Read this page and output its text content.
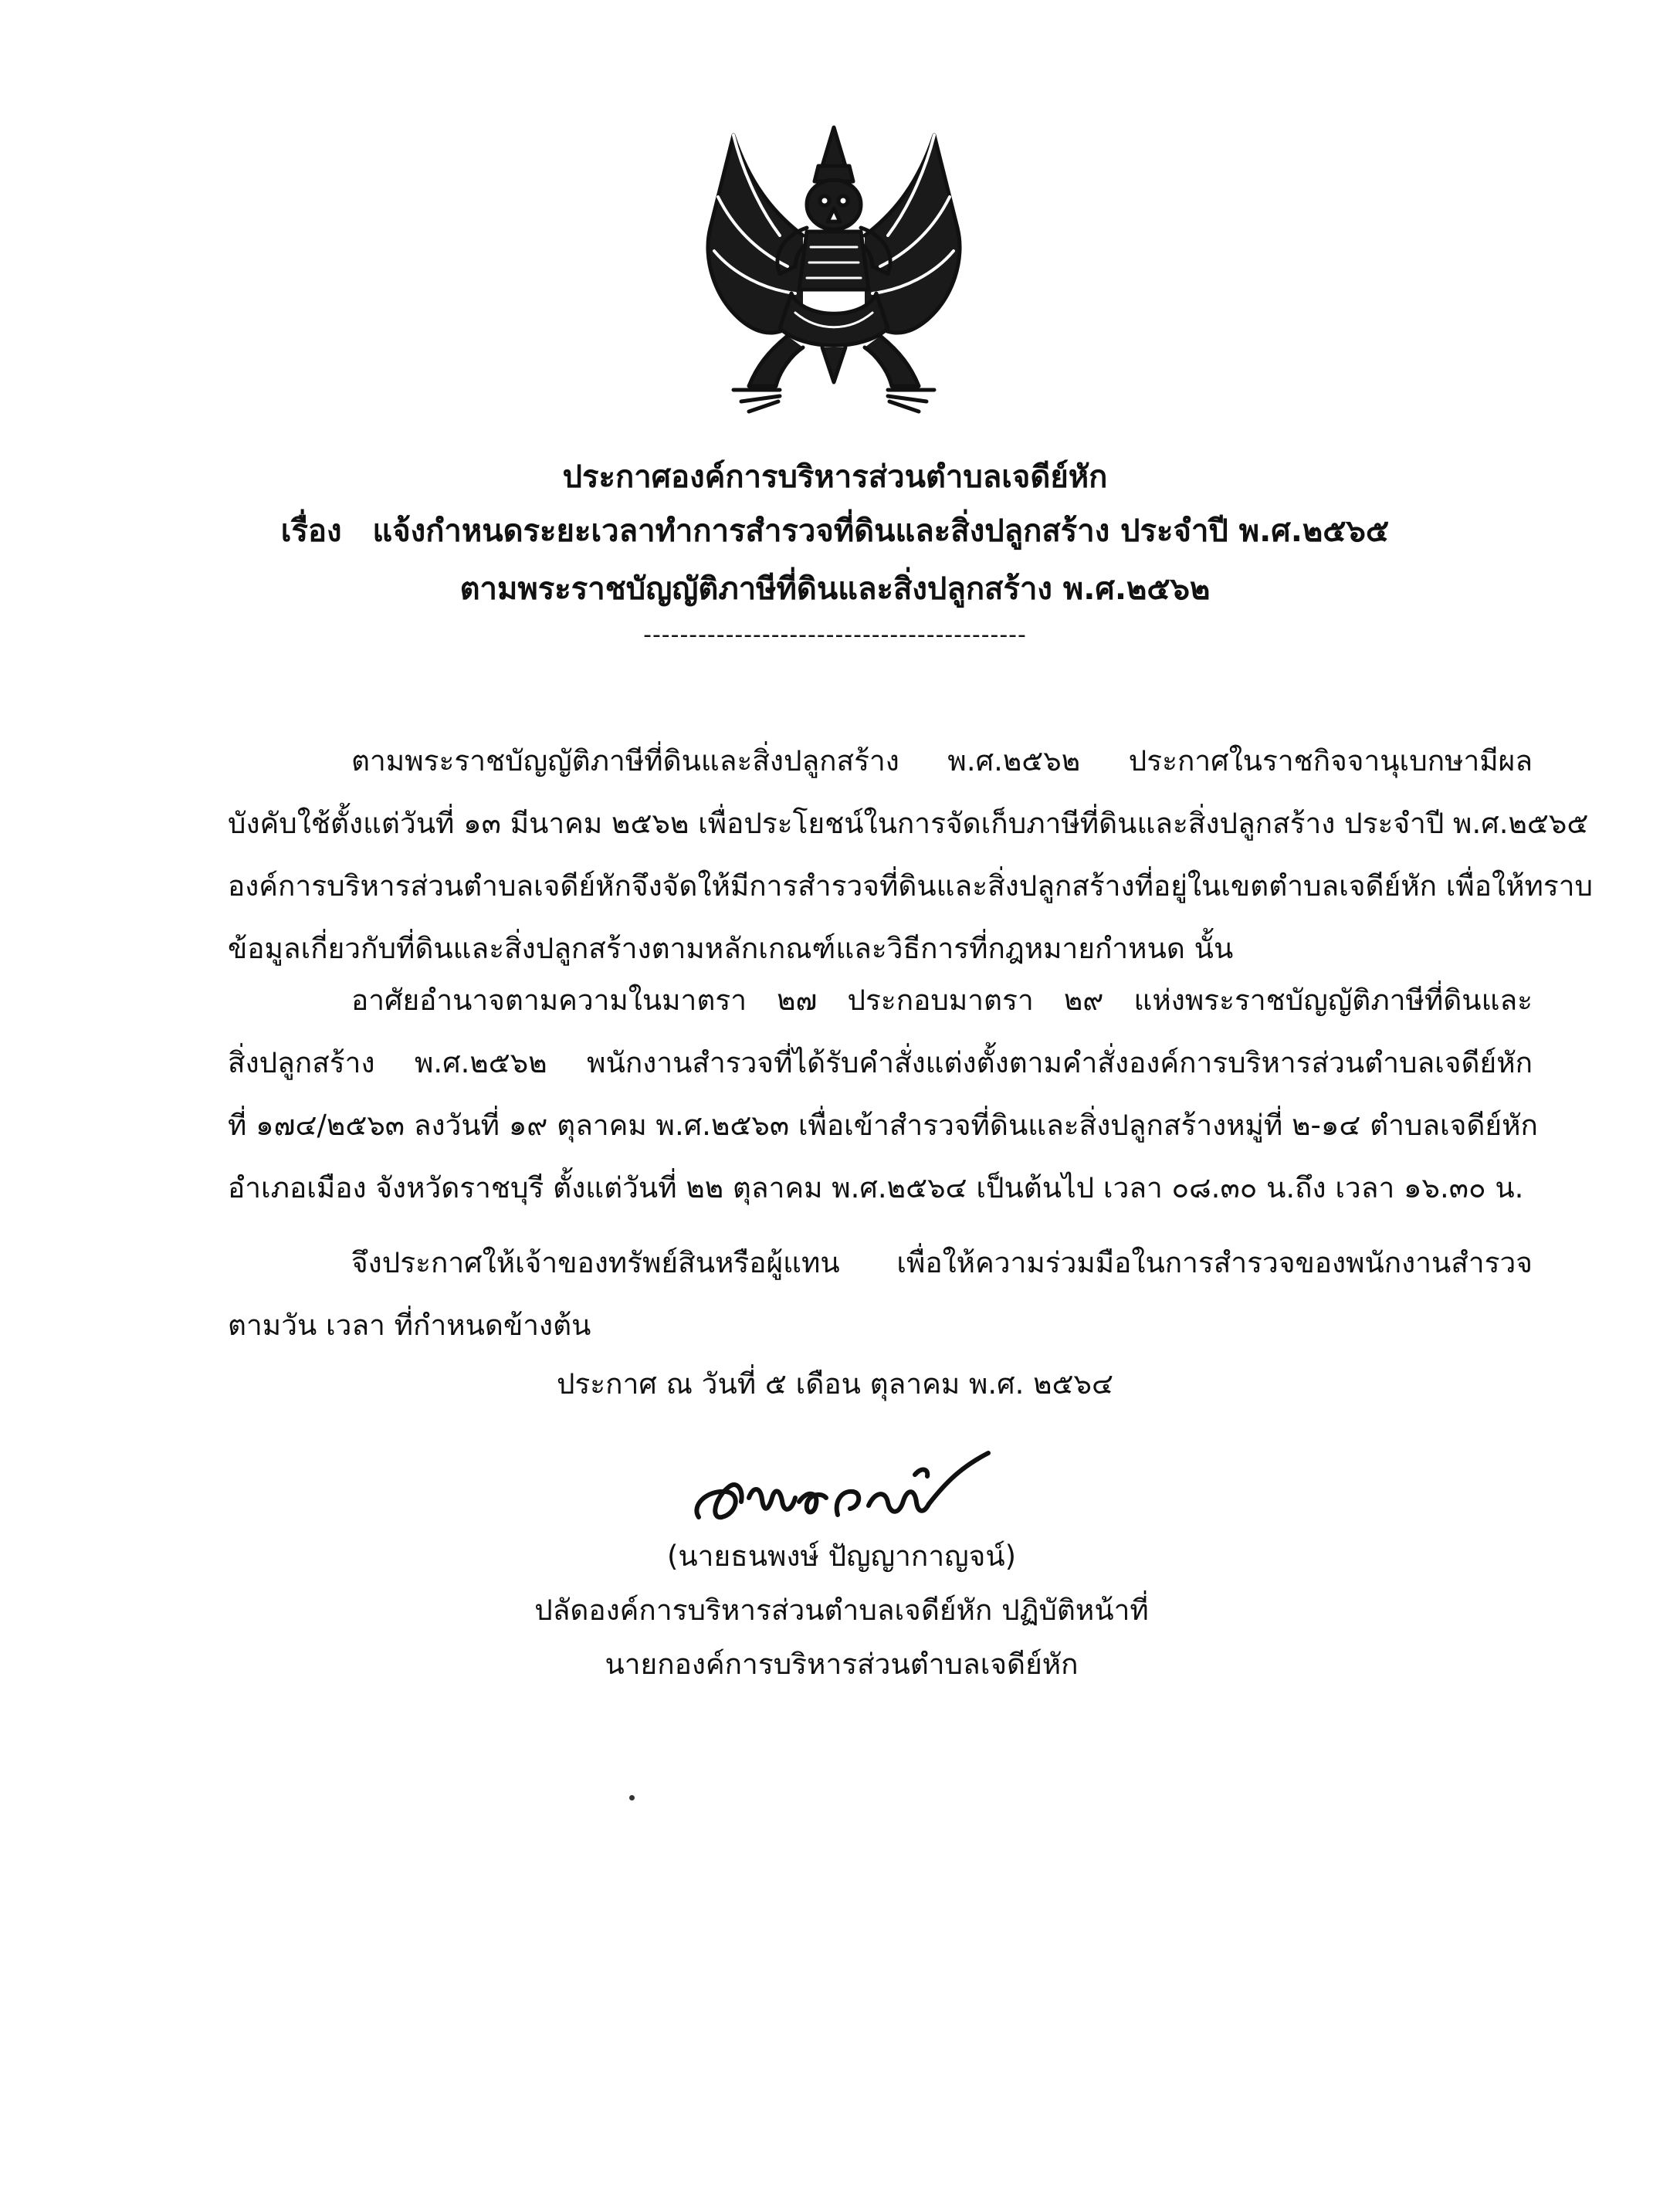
ประกาศองค์การบริหารส่วนตำบลเจดีย์หัก
เรื่อง แจ้งกำหนดระยะเวลาทำการสำรวจที่ดินและสิ่งปลูกสร้าง ประจำปี พ.ศ.๒๕๖๕
ตามพระราชบัญญัติภาษีที่ดินและสิ่งปลูกสร้าง พ.ศ.๒๕๖๒
------------------------------------------
ตามพระราชบัญญัติภาษีที่ดินและสิ่งปลูกสร้าง พ.ศ.๒๕๖๒ ประกาศในราชกิจจานุเบกษามีผล
บังคับใช้ตั้งแต่วันที่ ๑๓ มีนาคม ๒๕๖๒ เพื่อประโยชน์ในการจัดเก็บภาษีที่ดินและสิ่งปลูกสร้าง ประจำปี พ.ศ.๒๕๖๕
องค์การบริหารส่วนตำบลเจดีย์หักจึงจัดให้มีการสำรวจที่ดินและสิ่งปลูกสร้างที่อยู่ในเขตตำบลเจดีย์หัก เพื่อให้ทราบ
ข้อมูลเกี่ยวกับที่ดินและสิ่งปลูกสร้างตามหลักเกณฑ์และวิธีการที่กฎหมายกำหนด นั้น
อาศัยอำนาจตามความในมาตรา ๒๗ ประกอบมาตรา ๒๙ แห่งพระราชบัญญัติภาษีที่ดินและ
สิ่งปลูกสร้าง พ.ศ.๒๕๖๒ พนักงานสำรวจที่ได้รับคำสั่งแต่งตั้งตามคำสั่งองค์การบริหารส่วนตำบลเจดีย์หัก
ที่ ๑๗๔/๒๕๖๓ ลงวันที่ ๑๙ ตุลาคม พ.ศ.๒๕๖๓ เพื่อเข้าสำรวจที่ดินและสิ่งปลูกสร้างหมู่ที่ ๒-๑๔ ตำบลเจดีย์หัก
อำเภอเมือง จังหวัดราชบุรี ตั้งแต่วันที่ ๒๒ ตุลาคม พ.ศ.๒๕๖๔ เป็นต้นไป เวลา ๐๘.๓๐ น.ถึง เวลา ๑๖.๓๐ น.
จึงประกาศให้เจ้าของทรัพย์สินหรือผู้แทน เพื่อให้ความร่วมมือในการสำรวจของพนักงานสำรวจ
ตามวัน เวลา ที่กำหนดข้างต้น
ประกาศ ณ วันที่ ๕ เดือน ตุลาคม พ.ศ. ๒๕๖๔
(นายธนพงษ์ ปัญญากาญจน์)
ปลัดองค์การบริหารส่วนตำบลเจดีย์หัก ปฏิบัติหน้าที่
นายกองค์การบริหารส่วนตำบลเจดีย์หัก
